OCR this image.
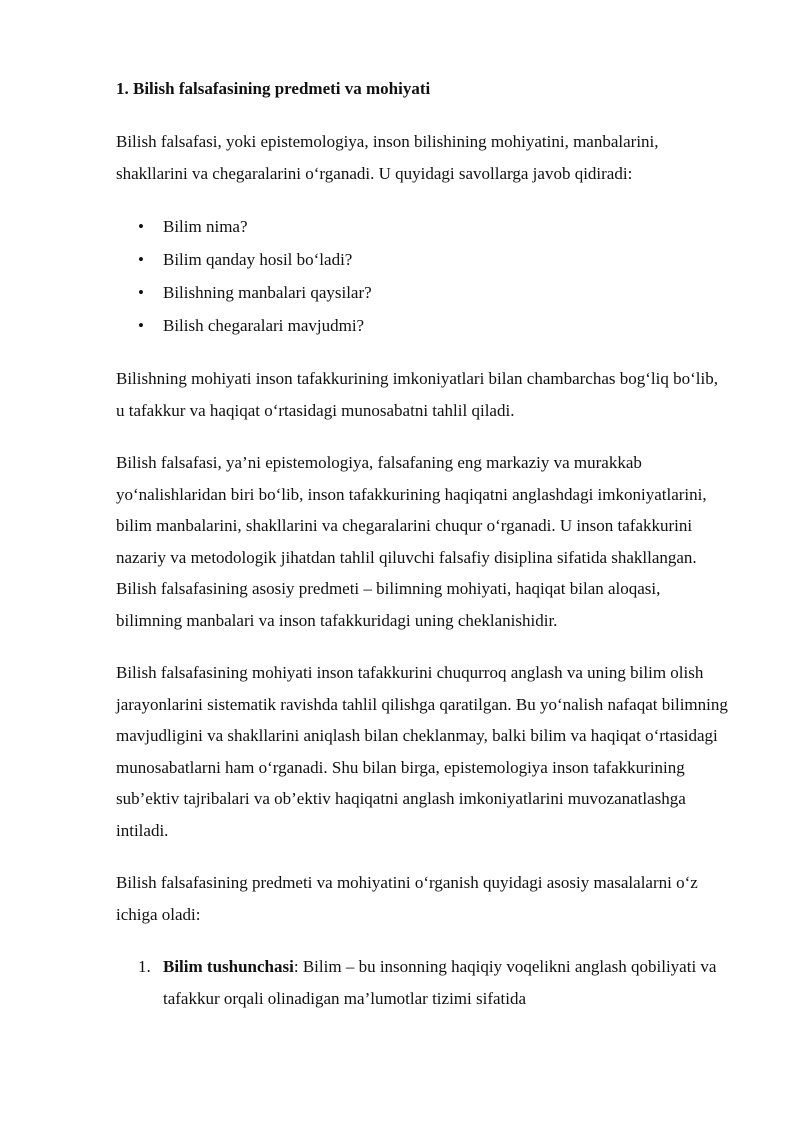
1. Bilish falsafasining predmeti va mohiyati

Bilish falsafasi, yoki epistemologiya, inson bilishining mohiyatini, manbalarini, shakllarini va chegaralarini o‘rganadi. U quyidagi savollarga javob qidiradi:

• Bilim nima?
• Bilim qanday hosil bo‘ladi?
• Bilishning manbalari qaysilar?
• Bilish chegaralari mavjudmi?

Bilishning mohiyati inson tafakkurining imkoniyatlari bilan chambarchas bog‘liq bo‘lib, u tafakkur va haqiqat o‘rtasidagi munosabatni tahlil qiladi.

Bilish falsafasi, ya’ni epistemologiya, falsafaning eng markaziy va murakkab yo‘nalishlaridan biri bo‘lib, inson tafakkurining haqiqatni anglashdagi imkoniyatlarini, bilim manbalarini, shakllarini va chegaralarini chuqur o‘rganadi. U inson tafakkurini nazariy va metodologik jihatdan tahlil qiluvchi falsafiy disiplina sifatida shakllangan. Bilish falsafasining asosiy predmeti – bilimning mohiyati, haqiqat bilan aloqasi, bilimning manbalari va inson tafakkuridagi uning cheklanishidir.

Bilish falsafasining mohiyati inson tafakkurini chuqurroq anglash va uning bilim olish jarayonlarini sistematik ravishda tahlil qilishga qaratilgan. Bu yo‘nalish nafaqat bilimning mavjudligini va shakllarini aniqlash bilan cheklanmay, balki bilim va haqiqat o‘rtasidagi munosabatlarni ham o‘rganadi. Shu bilan birga, epistemologiya inson tafakkurining sub’ektiv tajribalari va ob’ektiv haqiqatni anglash imkoniyatlarini muvozanatlashga intiladi.

Bilish falsafasining predmeti va mohiyatini o‘rganish quyidagi asosiy masalalarni o‘z ichiga oladi:

1. Bilim tushunchasi: Bilim – bu insonning haqiqiy voqelikni anglash qobiliyati va tafakkur orqali olinadigan ma’lumotlar tizimi sifatida
